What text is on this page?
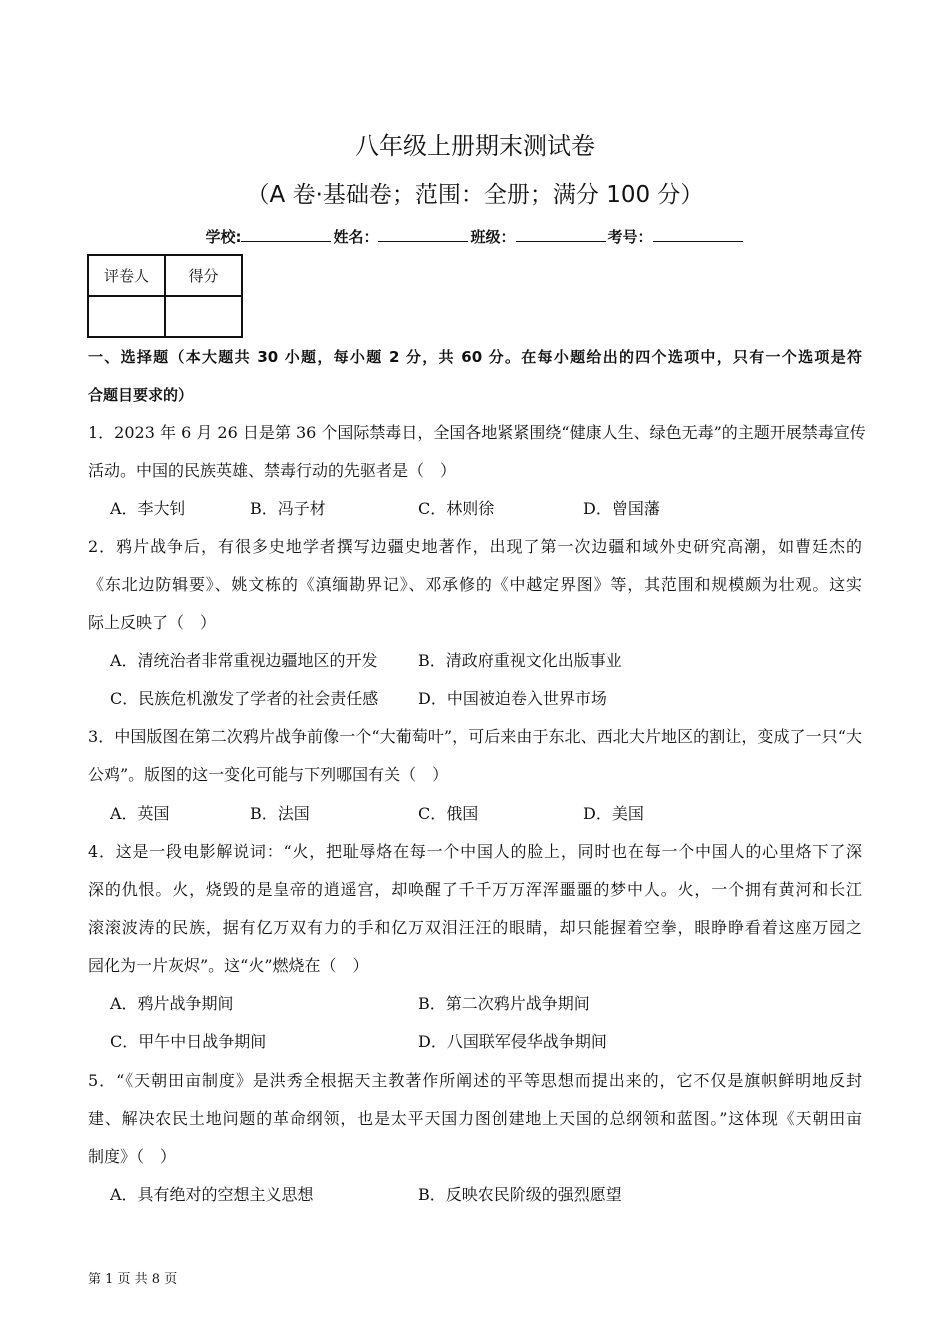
八年级上册期末测试卷
（A 卷·基础卷；范围：全册；满分 100 分）
学校:	姓名：	班级：	考号：
评卷人	得分

一、选择题（本大题共 30 小题，每小题 2 分，共 60 分。在每小题给出的四个选项中，只有一个选项是符
合题目要求的）
1．2023 年 6 月 26 日是第 36 个国际禁毒日，全国各地紧紧围绕“健康人生、绿色无毒”的主题开展禁毒宣传
活动。中国的民族英雄、禁毒行动的先驱者是（　）
A．李大钊	B．冯子材	C．林则徐	D．曾国藩
2．鸦片战争后，有很多史地学者撰写边疆史地著作，出现了第一次边疆和域外史研究高潮，如曹廷杰的
《东北边防辑要》、姚文栋的《滇缅勘界记》、邓承修的《中越定界图》等，其范围和规模颇为壮观。这实
际上反映了（　）
A．清统治者非常重视边疆地区的开发	B．清政府重视文化出版事业
C．民族危机激发了学者的社会责任感 D．中国被迫卷入世界市场
3．中国版图在第二次鸦片战争前像一个“大葡萄叶”，可后来由于东北、西北大片地区的割让，变成了一只“大
公鸡”。版图的这一变化可能与下列哪国有关（　）
A．英国	B．法国	C．俄国	D．美国
4．这是一段电影解说词：“火，把耻辱烙在每一个中国人的脸上，同时也在每一个中国人的心里烙下了深
深的仇恨。火，烧毁的是皇帝的逍遥宫，却唤醒了千千万万浑浑噩噩的梦中人。火，一个拥有黄河和长江
滚滚波涛的民族，据有亿万双有力的手和亿万双泪汪汪的眼睛，却只能握着空拳，眼睁睁看着这座万园之
园化为一片灰烬”。这“火”燃烧在（　）
A．鸦片战争期间	B．第二次鸦片战争期间
C．甲午中日战争期间	D．八国联军侵华战争期间
5．“《天朝田亩制度》是洪秀全根据天主教著作所阐述的平等思想而提出来的，它不仅是旗帜鲜明地反封
建、解决农民土地问题的革命纲领，也是太平天国力图创建地上天国的总纲领和蓝图。”这体现《天朝田亩
制度》（　）
A．具有绝对的空想主义思想	B．反映农民阶级的强烈愿望
第 1 页 共 8 页
